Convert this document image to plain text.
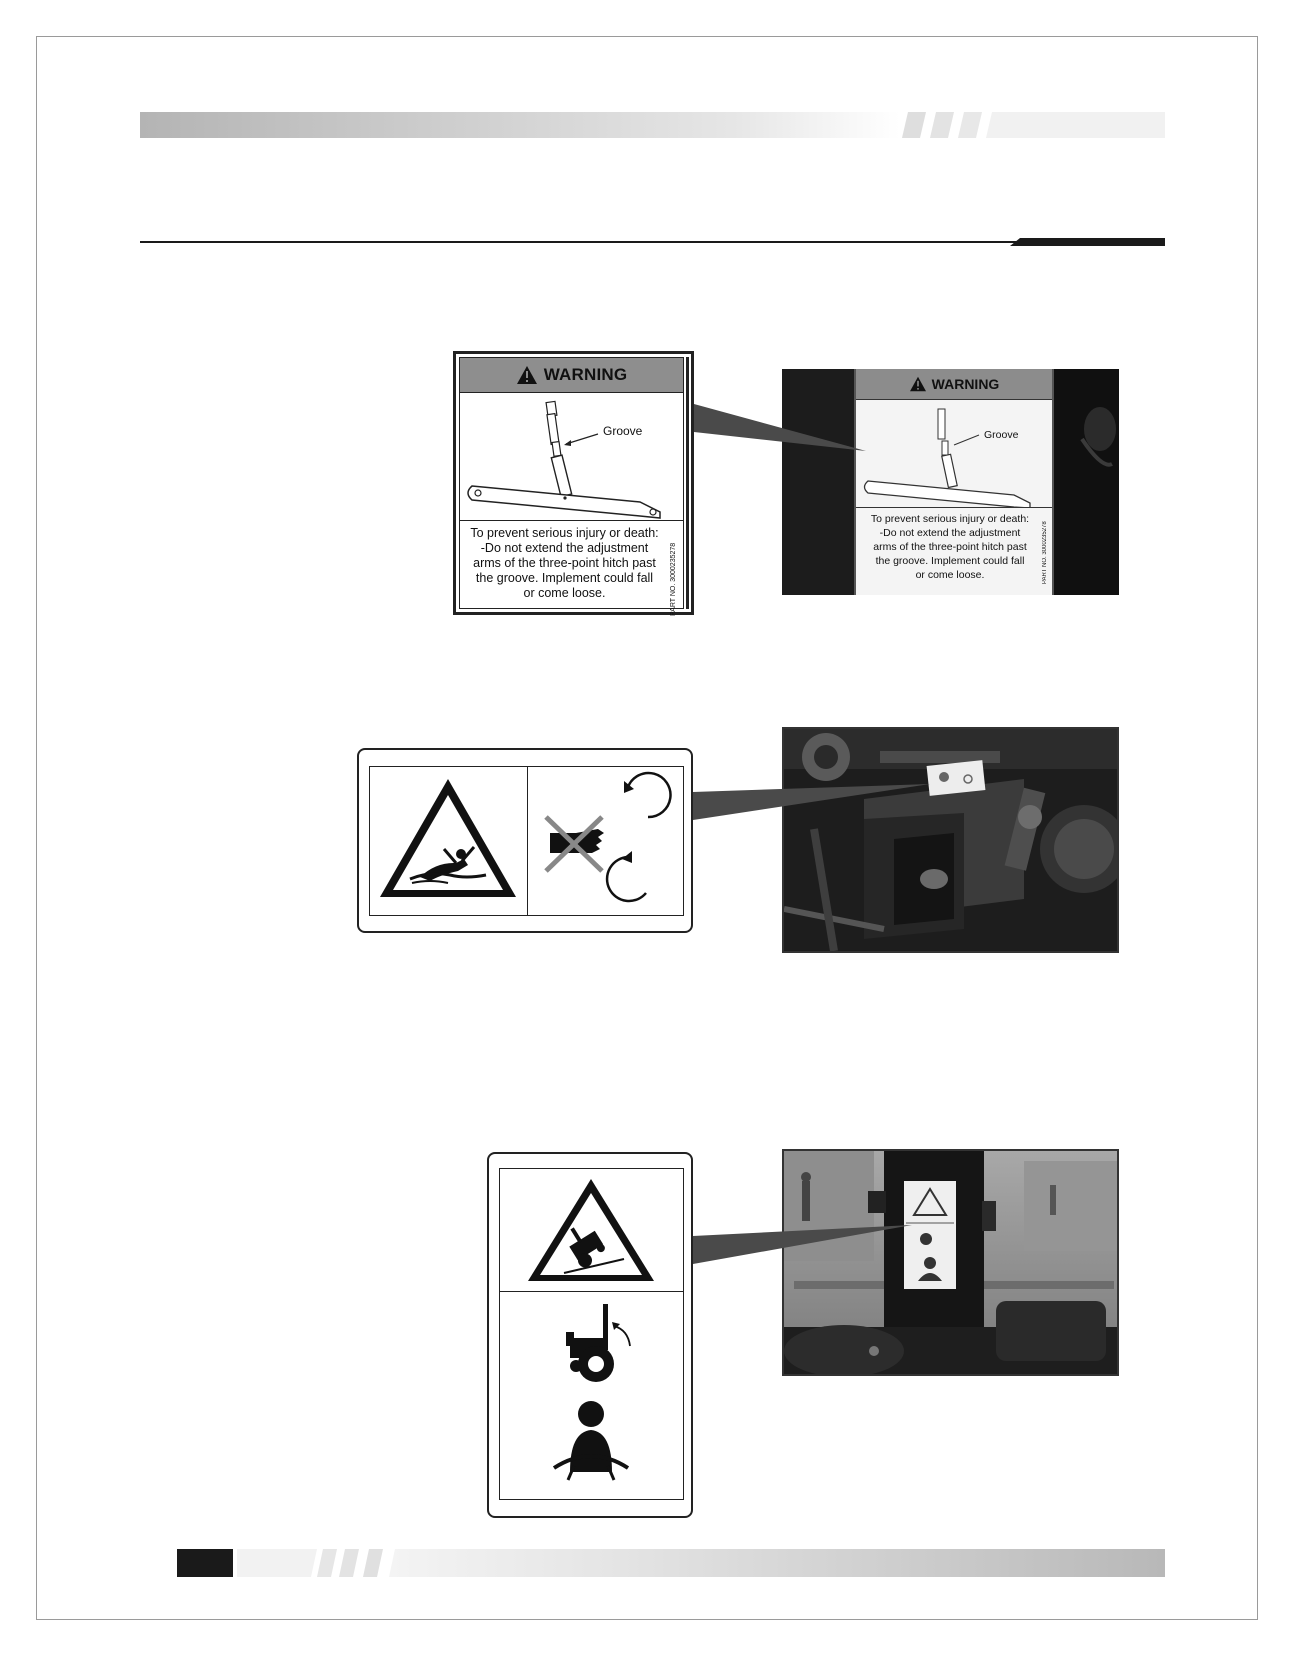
WARNING
Groove
To prevent serious injury or death:
-Do not extend the adjustment
arms of the three-point hitch past
the groove. Implement could fall
or come loose.	PART NO. 3000235278
WARNING
Groove
To prevent serious injury or death:
-Do not extend the adjustment
arms of the three-point hitch past
the groove. Implement could fall
or come loose.	PART NO. 3000235278
